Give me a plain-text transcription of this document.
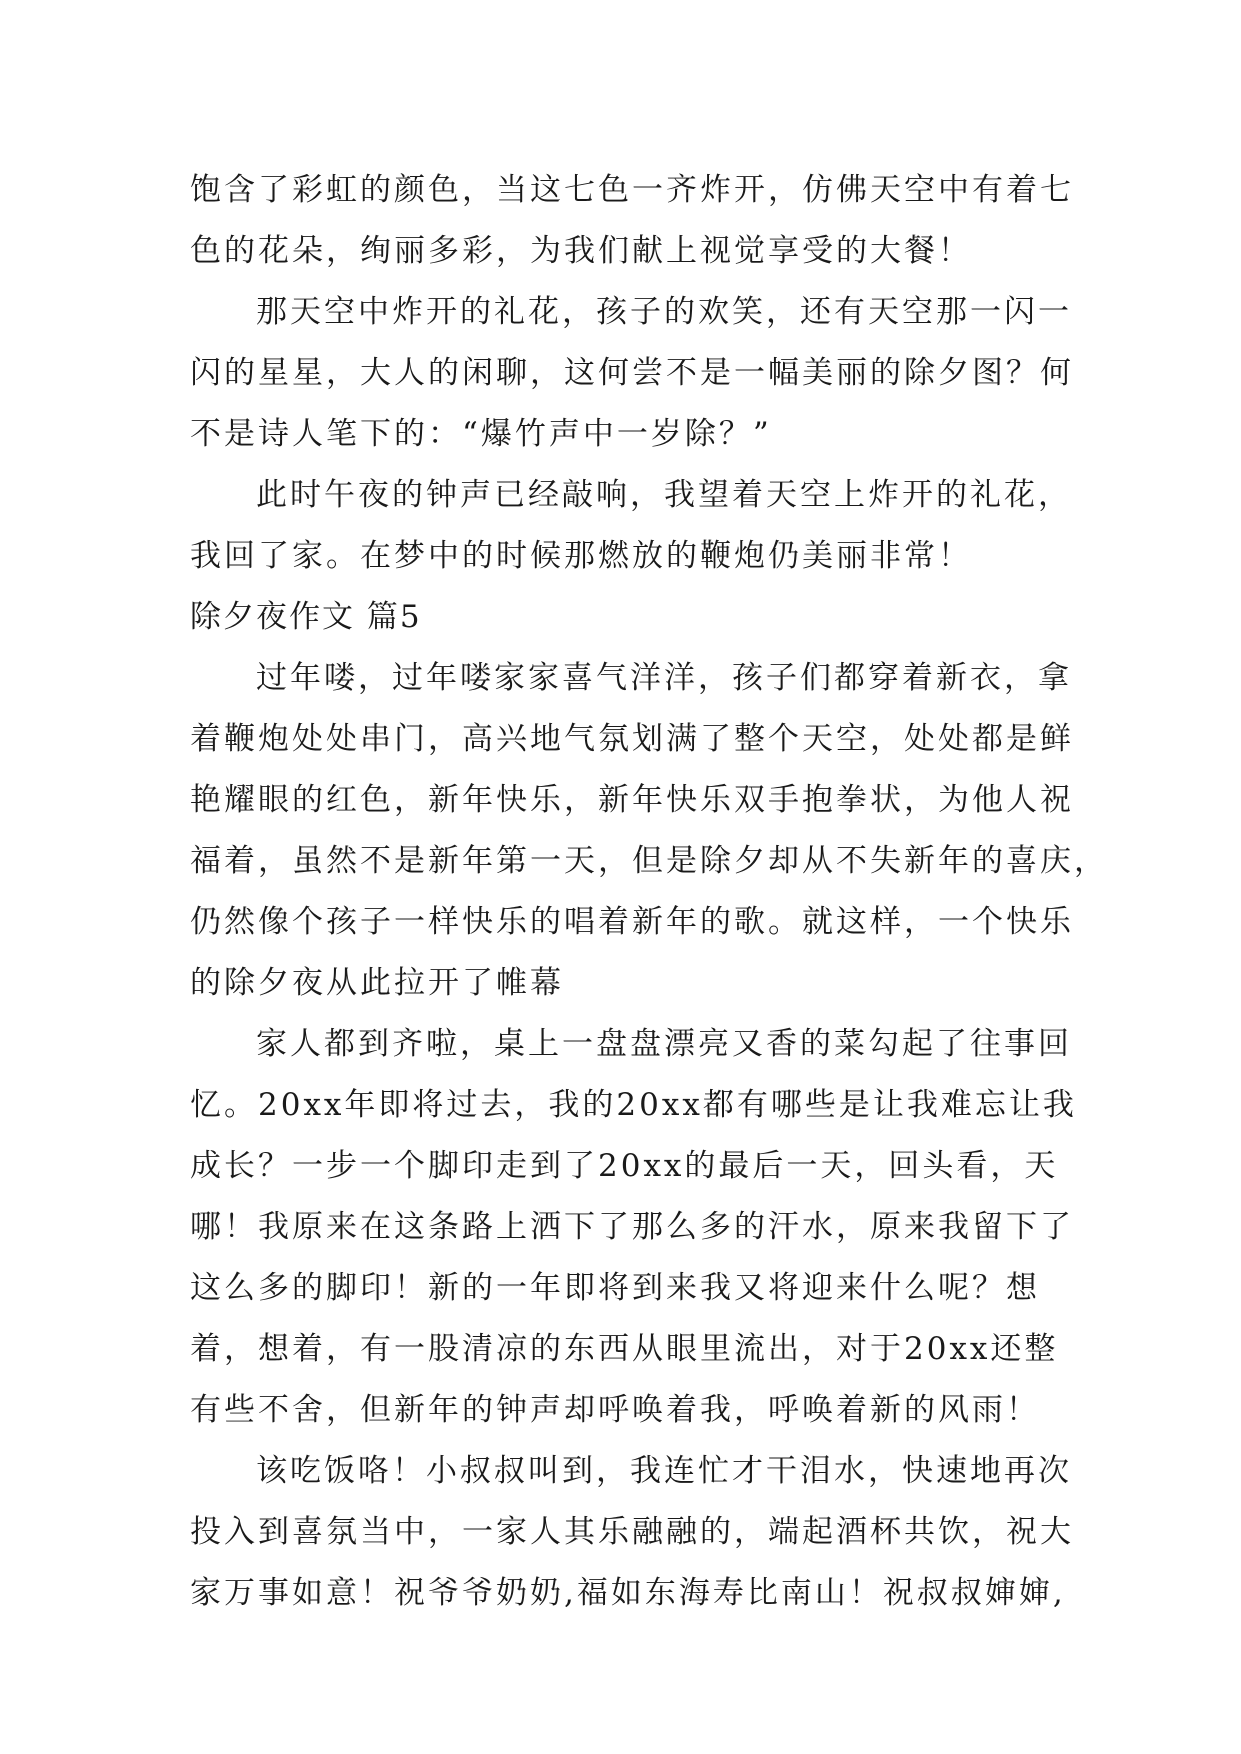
饱含了彩虹的颜色，当这七色一齐炸开，仿佛天空中有着七
色的花朵，绚丽多彩，为我们献上视觉享受的大餐！
那天空中炸开的礼花，孩子的欢笑，还有天空那一闪一
闪的星星，大人的闲聊，这何尝不是一幅美丽的除夕图？何
不是诗人笔下的：“爆竹声中一岁除？”
此时午夜的钟声已经敲响，我望着天空上炸开的礼花，
我回了家。在梦中的时候那燃放的鞭炮仍美丽非常！
除夕夜作文 篇5
过年喽，过年喽家家喜气洋洋，孩子们都穿着新衣，拿
着鞭炮处处串门，高兴地气氛划满了整个天空，处处都是鲜
艳耀眼的红色，新年快乐，新年快乐双手抱拳状，为他人祝
福着，虽然不是新年第一天，但是除夕却从不失新年的喜庆，
仍然像个孩子一样快乐的唱着新年的歌。就这样，一个快乐
的除夕夜从此拉开了帷幕
家人都到齐啦，桌上一盘盘漂亮又香的菜勾起了往事回
忆。20xx年即将过去，我的20xx都有哪些是让我难忘让我
成长？一步一个脚印走到了20xx的最后一天，回头看，天
哪！我原来在这条路上洒下了那么多的汗水，原来我留下了
这么多的脚印！新的一年即将到来我又将迎来什么呢？想
着，想着，有一股清凉的东西从眼里流出，对于20xx还整
有些不舍，但新年的钟声却呼唤着我，呼唤着新的风雨！
该吃饭咯！小叔叔叫到，我连忙才干泪水，快速地再次
投入到喜氛当中，一家人其乐融融的，端起酒杯共饮，祝大
家万事如意！祝爷爷奶奶,福如东海寿比南山！祝叔叔婶婶,
